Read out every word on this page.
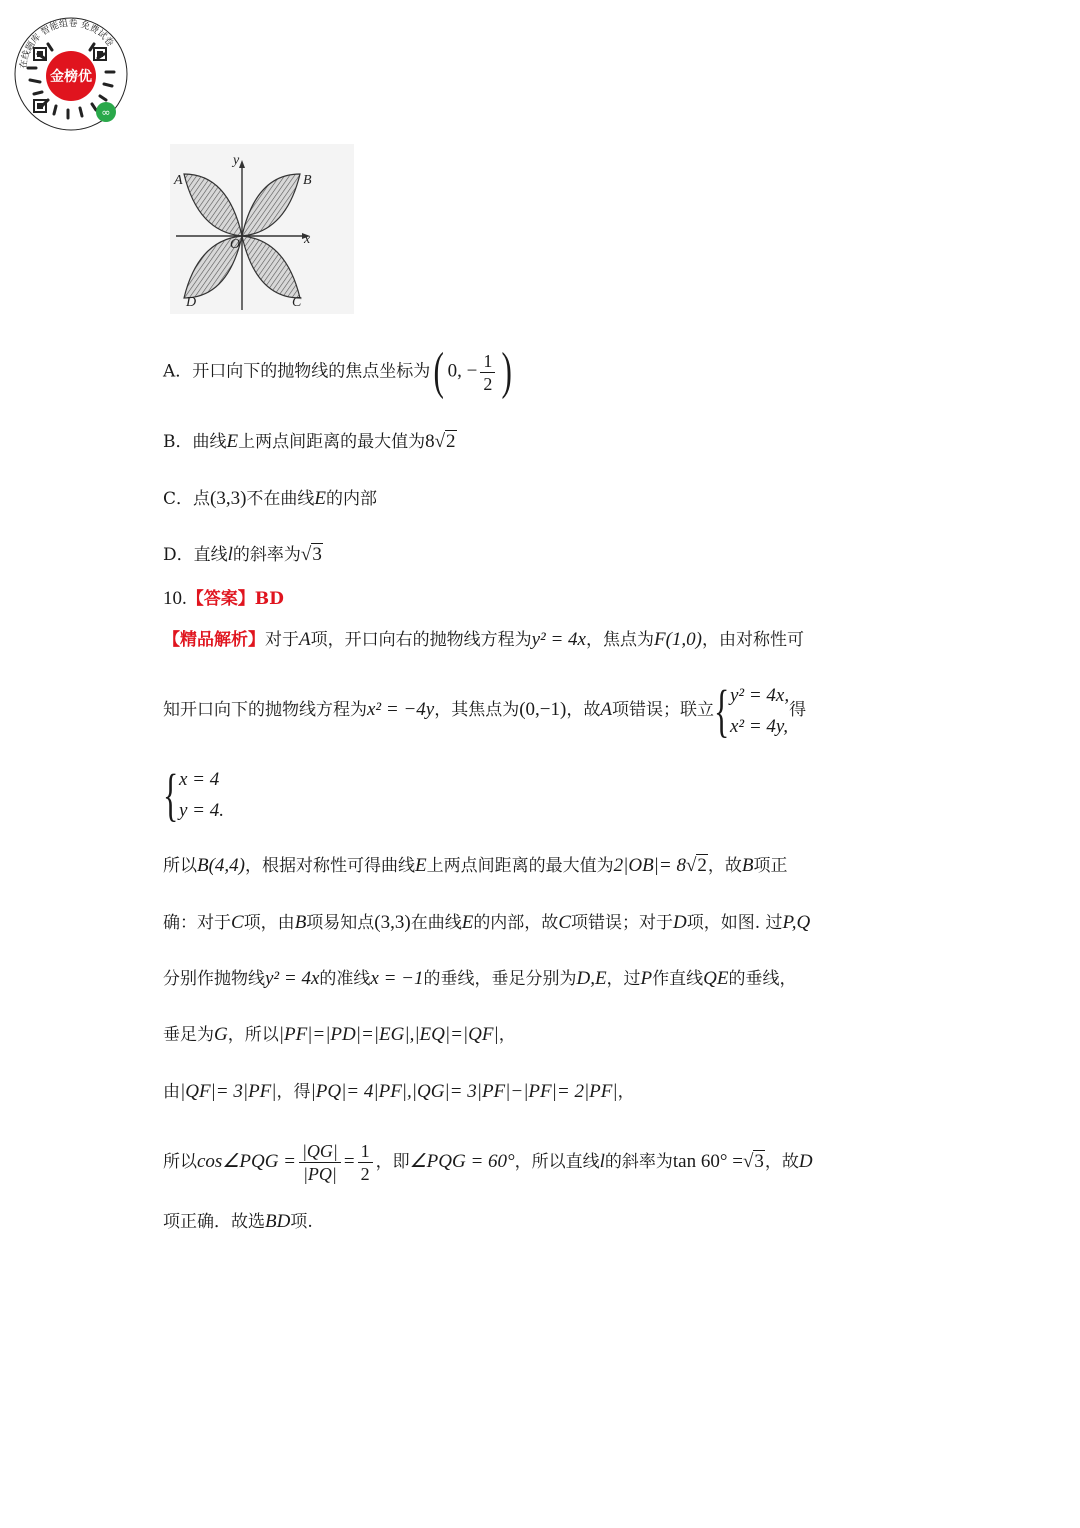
金榜优
∞
在线题库 智能组卷 免费试卷
y
x
A	B
C
D
O
A．开口向下的抛物线的焦点坐标为( 0, − $\frac{1}{2}$ )
B．曲线E上两点间距离的最大值为8√2
C．点(3,3)不在曲线E的内部
D．直线l的斜率为√3
10.【答案】BD
【精品解析】对于A项，开口向右的抛物线方程为y² = 4x，焦点为F(1,0)，由对称性可
知开口向下的抛物线方程为x² = −4y，其焦点为(0,−1)，故A项错误；联立 { y² = 4x,
x² = 4y,
得
{ x = 4
y = 4.
所以B(4,4)，根据对称性可得曲线E上两点间距离的最大值为2|OB|= 8√2，故B项正
确：对于C项，由B项易知点(3,3)在曲线E的内部，故C项错误；对于D项，如图. 过P,Q
分别作抛物线y² = 4x的准线x = −1的垂线，垂足分别为D,E，过P作直线QE的垂线，
垂足为G，所以|PF|=|PD|=|EG|,|EQ|=|QF|，
由|QF|= 3|PF|，得|PQ|= 4|PF|,|QG|= 3|PF|−|PF|= 2|PF|，
所以cos∠PQG = $\frac{|QG|}{|PQ|} = \frac{1}{2}$ ，即∠PQG = 60°，所以直线l的斜率为tan 60° =√3，故D
项正确．故选BD项.
